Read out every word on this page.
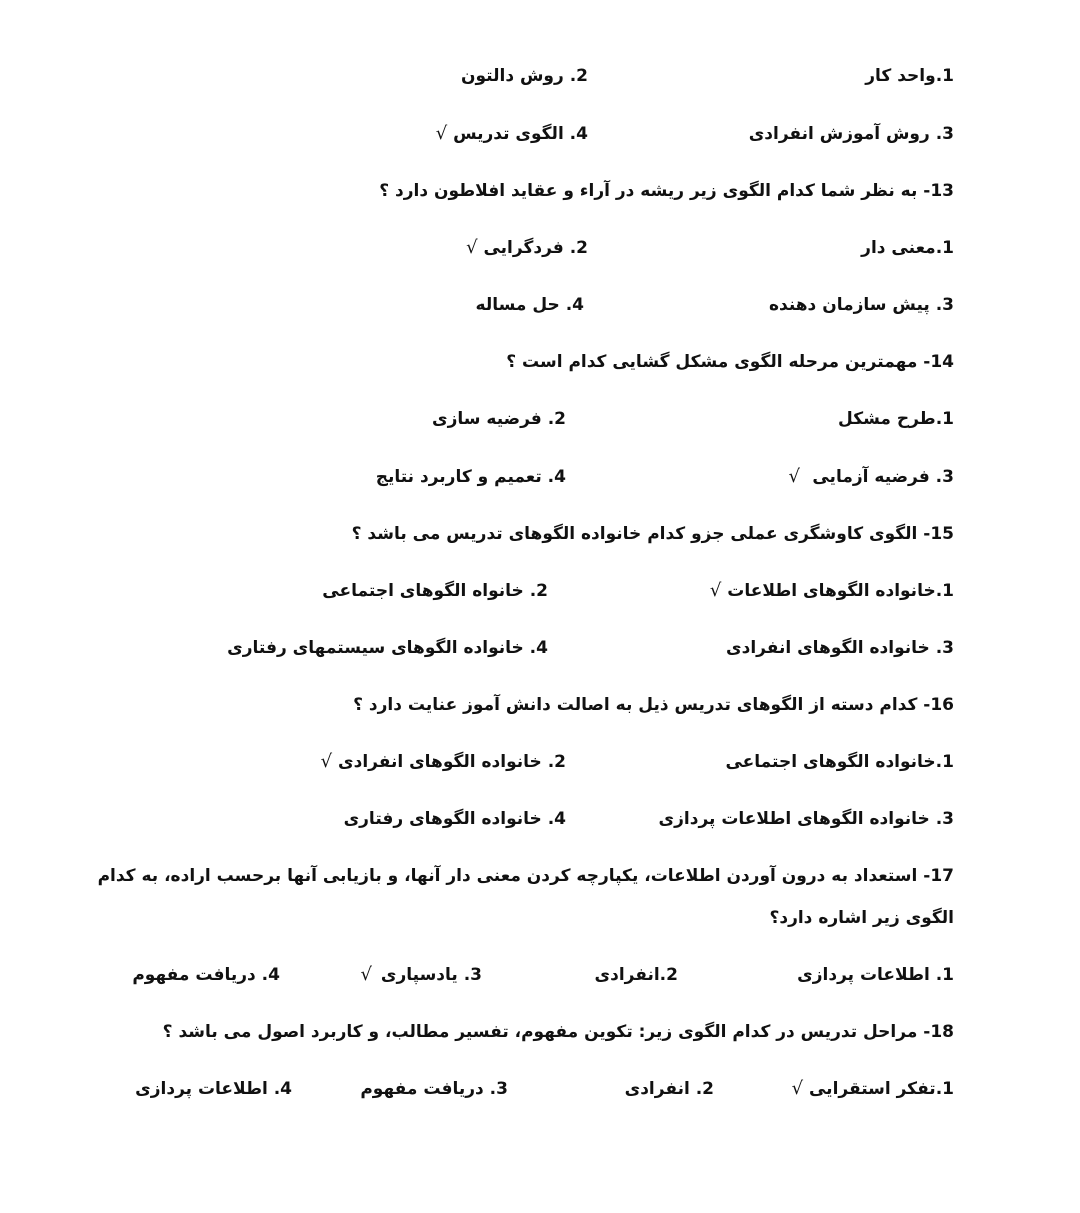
1.واحد کار
2. روش دالتون
3. روش آموزش انفرادی
4. الگوی تدریس √
13- به نظر شما کدام الگوی زیر ریشه در آراء و عقاید افلاطون دارد ؟
1.معنی دار
2. فردگرایی √
3. پیش سازمان دهنده
4. حل مساله
14- مهمترین مرحله الگوی مشکل گشایی کدام است ؟
1.طرح مشکل
2. فرضیه سازی
3. فرضیه آزمایی
√
4. تعمیم و کاربرد نتایج
15- الگوی کاوشگری عملی جزو کدام خانواده الگوهای تدریس می باشد ؟
1.خانواده الگوهای اطلاعات √
2. خانواه الگوهای اجتماعی
3. خانواده الگوهای انفرادی
4. خانواده الگوهای سیستمهای رفتاری
16- کدام دسته از الگوهای تدریس ذیل به اصالت دانش آموز عنایت دارد ؟
1.خانواده الگوهای اجتماعی
2. خانواده الگوهای انفرادی √
3. خانواده الگوهای اطلاعات پردازی
4. خانواده الگوهای رفتاری
17- استعداد به درون آوردن اطلاعات، یکپارچه کردن معنی دار آنها، و بازیابی آنها برحسب اراده، به کدام
الگوی زیر اشاره دارد؟
1. اطلاعات پردازی
2.انفرادی
3. یادسپاری
√
4. دریافت مفهوم
18- مراحل تدریس در کدام الگوی زیر: تکوین مفهوم، تفسیر مطالب، و کاربرد اصول می باشد ؟
1.تفکر استقرایی √
2. انفرادی
3. دریافت مفهوم
4. اطلاعات پردازی
